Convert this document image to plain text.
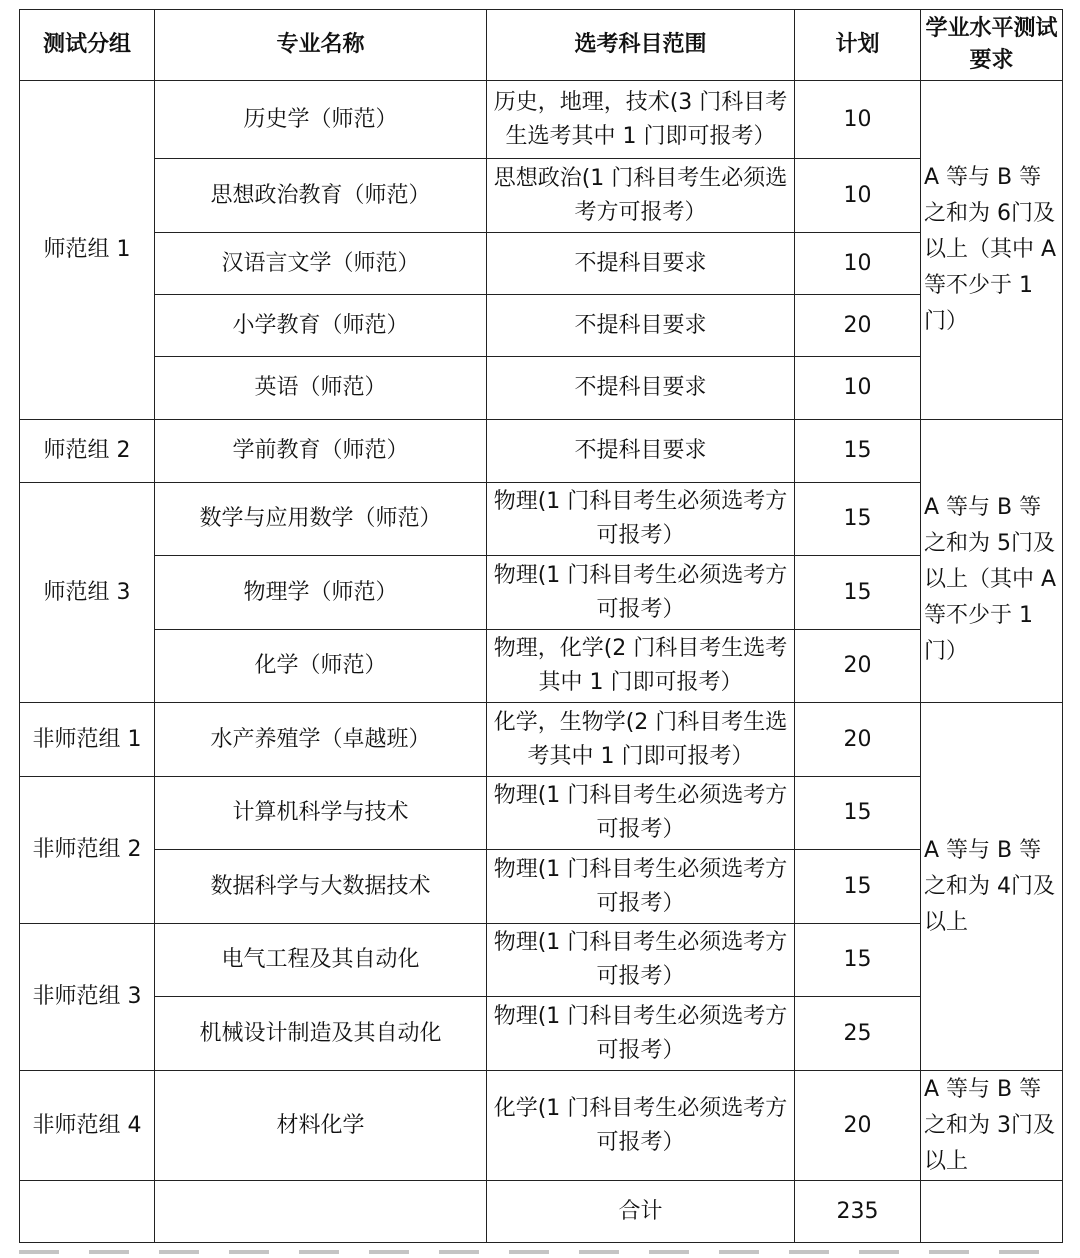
测试分组	专业名称	选考科目范围	计划	学业水平测试要求
师范组 1	历史学（师范）	历史，地理，技术(3 门科目考生选考其中 1 门即可报考）	10	A 等与 B 等之和为 6门及以上（其中 A 等不少于 1 门）
	思想政治教育（师范）	思想政治(1 门科目考生必须选考方可报考）	10	
	汉语言文学（师范）	不提科目要求	10	
	小学教育（师范）	不提科目要求	20	
	英语（师范）	不提科目要求	10	
师范组 2	学前教育（师范）	不提科目要求	15	A 等与 B 等之和为 5门及以上（其中 A 等不少于 1 门）
师范组 3	数学与应用数学（师范）	物理(1 门科目考生必须选考方可报考）	15	
	物理学（师范）	物理(1 门科目考生必须选考方可报考）	15	
	化学（师范）	物理，化学(2 门科目考生选考其中 1 门即可报考）	20	
非师范组 1	水产养殖学（卓越班）	化学，生物学(2 门科目考生选考其中 1 门即可报考）	20	A 等与 B 等之和为 4门及以上
非师范组 2	计算机科学与技术	物理(1 门科目考生必须选考方可报考）	15	
	数据科学与大数据技术	物理(1 门科目考生必须选考方可报考）	15	
非师范组 3	电气工程及其自动化	物理(1 门科目考生必须选考方可报考）	15	
	机械设计制造及其自动化	物理(1 门科目考生必须选考方可报考）	25	
非师范组 4	材料化学	化学(1 门科目考生必须选考方可报考）	20	A 等与 B 等之和为 3门及以上
		合计	235	
